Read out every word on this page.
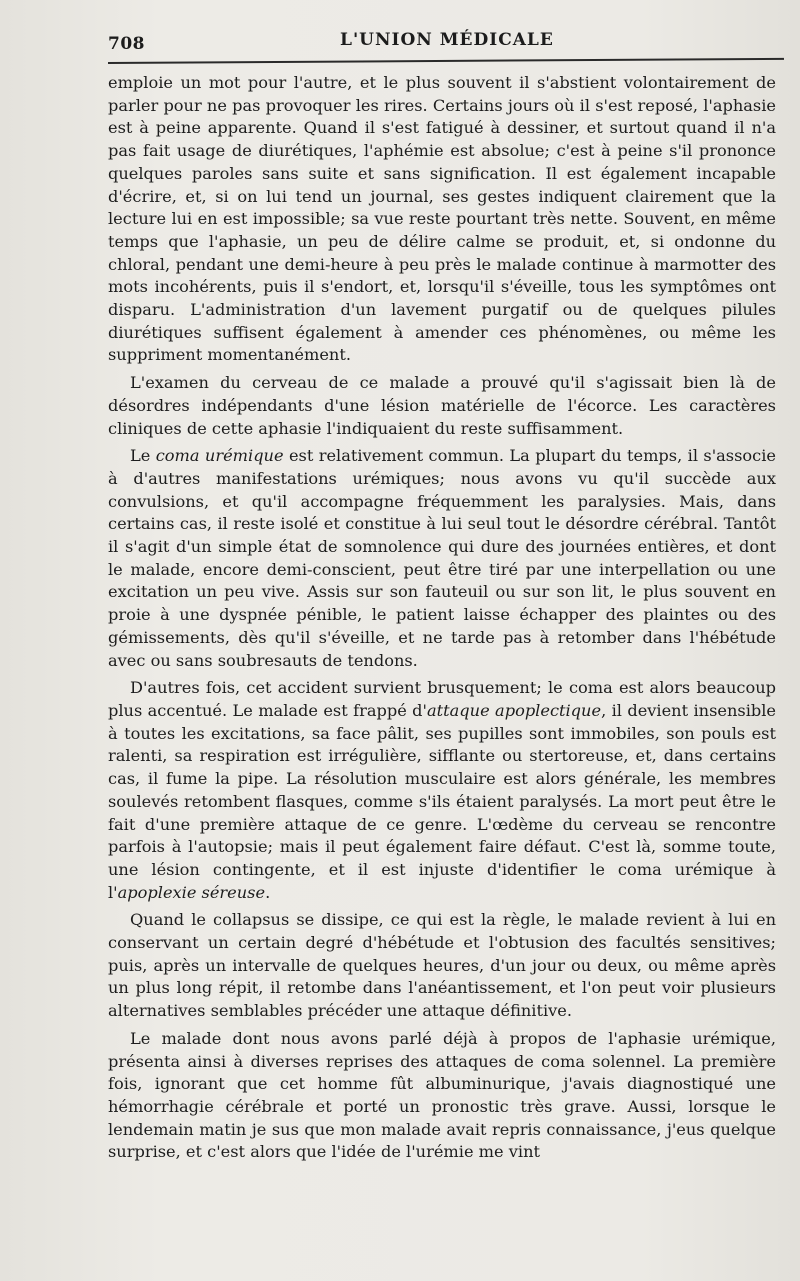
708	L'UNION MÉDICALE

emploie un mot pour l'autre, et le plus souvent il s'abstient volontairement de parler pour ne pas provoquer les rires. Certains jours où il s'est reposé, l'aphasie est à peine apparente. Quand il s'est fatigué à dessiner, et surtout quand il n'a pas fait usage de diurétiques, l'aphémie est absolue; c'est à peine s'il prononce quelques paroles sans suite et sans signification. Il est également incapable d'écrire, et, si on lui tend un journal, ses gestes indiquent clairement que la lecture lui en est impossible; sa vue reste pourtant très nette. Souvent, en même temps que l'aphasie, un peu de délire calme se produit, et, si ondonne du chloral, pendant une demi-heure à peu près le malade continue à marmotter des mots incohérents, puis il s'endort, et, lorsqu'il s'éveille, tous les symptômes ont disparu. L'administration d'un lavement purgatif ou de quelques pilules diurétiques suffisent également à amender ces phénomènes, ou même les suppriment momentanément.

L'examen du cerveau de ce malade a prouvé qu'il s'agissait bien là de désordres indépendants d'une lésion matérielle de l'écorce. Les caractères cliniques de cette aphasie l'indiquaient du reste suffisamment.

Le coma urémique est relativement commun. La plupart du temps, il s'associe à d'autres manifestations urémiques; nous avons vu qu'il succède aux convulsions, et qu'il accompagne fréquemment les paralysies. Mais, dans certains cas, il reste isolé et constitue à lui seul tout le désordre cérébral. Tantôt il s'agit d'un simple état de somnolence qui dure des journées entières, et dont le malade, encore demi-conscient, peut être tiré par une interpellation ou une excitation un peu vive. Assis sur son fauteuil ou sur son lit, le plus souvent en proie à une dyspnée pénible, le patient laisse échapper des plaintes ou des gémissements, dès qu'il s'éveille, et ne tarde pas à retomber dans l'hébétude avec ou sans soubresauts de tendons.

D'autres fois, cet accident survient brusquement; le coma est alors beaucoup plus accentué. Le malade est frappé d'attaque apoplectique, il devient insensible à toutes les excitations, sa face pâlit, ses pupilles sont immobiles, son pouls est ralenti, sa respiration est irrégulière, sifflante ou stertoreuse, et, dans certains cas, il fume la pipe. La résolution musculaire est alors générale, les membres soulevés retombent flasques, comme s'ils étaient paralysés. La mort peut être le fait d'une première attaque de ce genre. L'œdème du cerveau se rencontre parfois à l'autopsie; mais il peut également faire défaut. C'est là, somme toute, une lésion contingente, et il est injuste d'identifier le coma urémique à l'apoplexie séreuse.

Quand le collapsus se dissipe, ce qui est la règle, le malade revient à lui en conservant un certain degré d'hébétude et l'obtusion des facultés sensitives; puis, après un intervalle de quelques heures, d'un jour ou deux, ou même après un plus long répit, il retombe dans l'anéantissement, et l'on peut voir plusieurs alternatives semblables précéder une attaque définitive.

Le malade dont nous avons parlé déjà à propos de l'aphasie urémique, présenta ainsi à diverses reprises des attaques de coma solennel. La première fois, ignorant que cet homme fût albuminurique, j'avais diagnostiqué une hémorrhagie cérébrale et porté un pronostic très grave. Aussi, lorsque le lendemain matin je sus que mon malade avait repris connaissance, j'eus quelque surprise, et c'est alors que l'idée de l'urémie me vint
